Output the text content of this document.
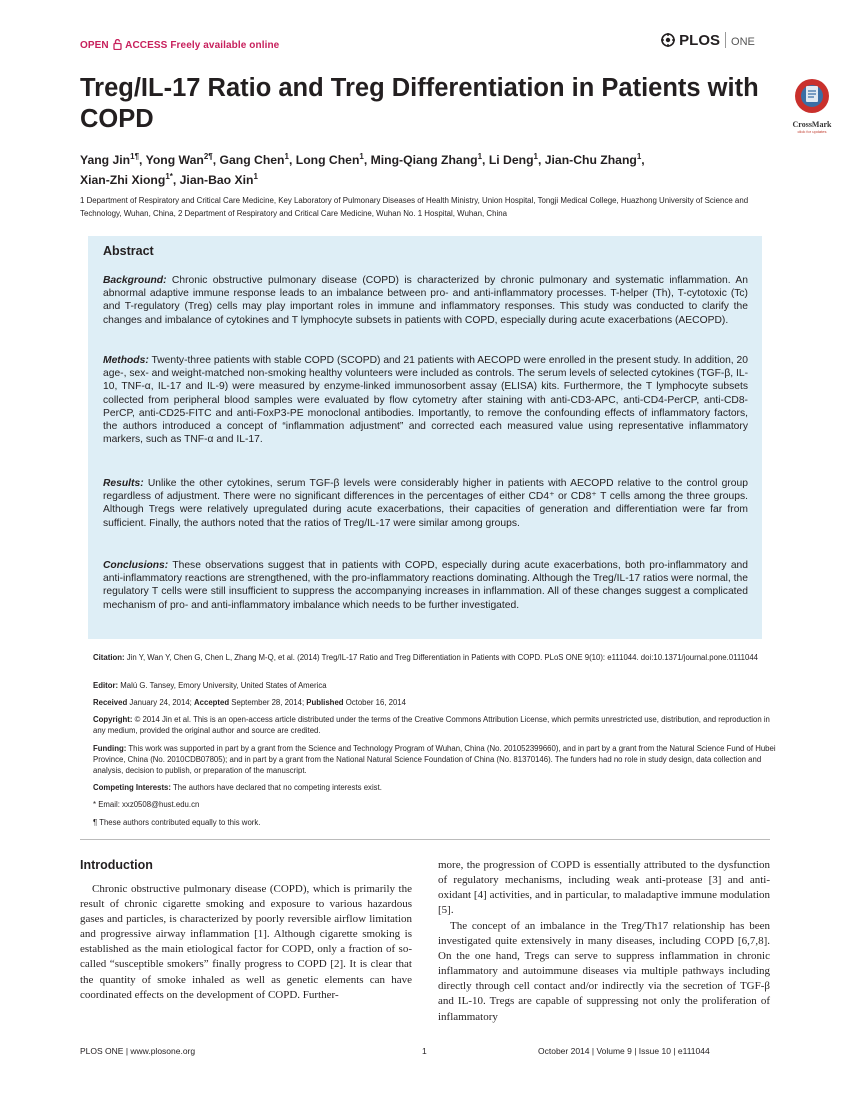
OPEN ACCESS Freely available online	PLOS ONE
Treg/IL-17 Ratio and Treg Differentiation in Patients with COPD	CrossMark
click for updates
Yang Jin$^{1\P}$, Yong Wan$^{2\P}$, Gang Chen$^1$, Long Chen$^1$, Ming-Qiang Zhang$^1$, Li Deng$^1$, Jian-Chu Zhang$^1$,
Xian-Zhi Xiong$^{1*}$, Jian-Bao Xin$^1$
1 Department of Respiratory and Critical Care Medicine, Key Laboratory of Pulmonary Diseases of Health Ministry, Union Hospital, Tongji Medical College, Huazhong University of Science and Technology, Wuhan, China, 2 Department of Respiratory and Critical Care Medicine, Wuhan No. 1 Hospital, Wuhan, China
Abstract
Background: Chronic obstructive pulmonary disease (COPD) is characterized by chronic pulmonary and systematic inflammation. An abnormal adaptive immune response leads to an imbalance between pro- and anti-inflammatory processes. T-helper (Th), T-cytotoxic (Tc) and T-regulatory (Treg) cells may play important roles in immune and inflammatory responses. This study was conducted to clarify the changes and imbalance of cytokines and T lymphocyte subsets in patients with COPD, especially during acute exacerbations (AECOPD).
Methods: Twenty-three patients with stable COPD (SCOPD) and 21 patients with AECOPD were enrolled in the present study. In addition, 20 age-, sex- and weight-matched non-smoking healthy volunteers were included as controls. The serum levels of selected cytokines (TGF-β, IL-10, TNF-α, IL-17 and IL-9) were measured by enzyme-linked immunosorbent assay (ELISA) kits. Furthermore, the T lymphocyte subsets collected from peripheral blood samples were evaluated by flow cytometry after staining with anti-CD3-APC, anti-CD4-PerCP, anti-CD8- PerCP, anti-CD25-FITC and anti-FoxP3-PE monoclonal antibodies. Importantly, to remove the confounding effects of inflammatory factors, the authors introduced a concept of “inflammation adjustment” and corrected each measured value using representative inflammatory markers, such as TNF-α and IL-17.
Results: Unlike the other cytokines, serum TGF-β levels were considerably higher in patients with AECOPD relative to the control group regardless of adjustment. There were no significant differences in the percentages of either CD4⁺ or CD8⁺ T cells among the three groups. Although Tregs were relatively upregulated during acute exacerbations, their capacities of generation and differentiation were far from sufficient. Finally, the authors noted that the ratios of Treg/IL-17 were similar among groups.
Conclusions: These observations suggest that in patients with COPD, especially during acute exacerbations, both pro-inflammatory and anti-inflammatory reactions are strengthened, with the pro-inflammatory reactions dominating. Although the Treg/IL-17 ratios were normal, the regulatory T cells were still insufficient to suppress the accompanying increases in inflammation. All of these changes suggest a complicated mechanism of pro- and anti-inflammatory imbalance which needs to be further investigated.
Citation: Jin Y, Wan Y, Chen G, Chen L, Zhang M-Q, et al. (2014) Treg/IL-17 Ratio and Treg Differentiation in Patients with COPD. PLoS ONE 9(10): e111044. doi:10.1371/journal.pone.0111044
Editor: Malú G. Tansey, Emory University, United States of America
Received January 24, 2014; Accepted September 28, 2014; Published October 16, 2014
Copyright: © 2014 Jin et al. This is an open-access article distributed under the terms of the Creative Commons Attribution License, which permits unrestricted use, distribution, and reproduction in any medium, provided the original author and source are credited.
Funding: This work was supported in part by a grant from the Science and Technology Program of Wuhan, China (No. 201052399660), and in part by a grant from the Natural Science Fund of Hubei Province, China (No. 2010CDB07805); and in part by a grant from the National Natural Science Foundation of China (No. 81370146). The funders had no role in study design, data collection and analysis, decision to publish, or preparation of the manuscript.
Competing Interests: The authors have declared that no competing interests exist.
* Email: xxz0508@hust.edu.cn
¶ These authors contributed equally to this work.
Introduction
Chronic obstructive pulmonary disease (COPD), which is primarily the result of chronic cigarette smoking and exposure to various hazardous gases and particles, is characterized by poorly reversible airflow limitation and progressive airway inflammation [1]. Although cigarette smoking is established as the main etiological factor for COPD, only a fraction of so-called “susceptible smokers” finally progress to COPD [2]. It is clear that the quantity of smoke inhaled as well as genetic elements can have coordinated effects on the development of COPD. Further-
more, the progression of COPD is essentially attributed to the dysfunction of regulatory mechanisms, including weak anti-protease [3] and anti-oxidant [4] activities, and in particular, to maladaptive immune modulation [5].
The concept of an imbalance in the Treg/Th17 relationship has been investigated quite extensively in many diseases, including COPD [6,7,8]. On the one hand, Tregs can serve to suppress inflammation in chronic inflammatory and autoimmune diseases via multiple pathways including directly through cell contact and/or indirectly via the secretion of TGF-β and IL-10. Tregs are capable of suppressing not only the proliferation of inflammatory
PLOS ONE | www.plosone.org	1	October 2014 | Volume 9 | Issue 10 | e111044
